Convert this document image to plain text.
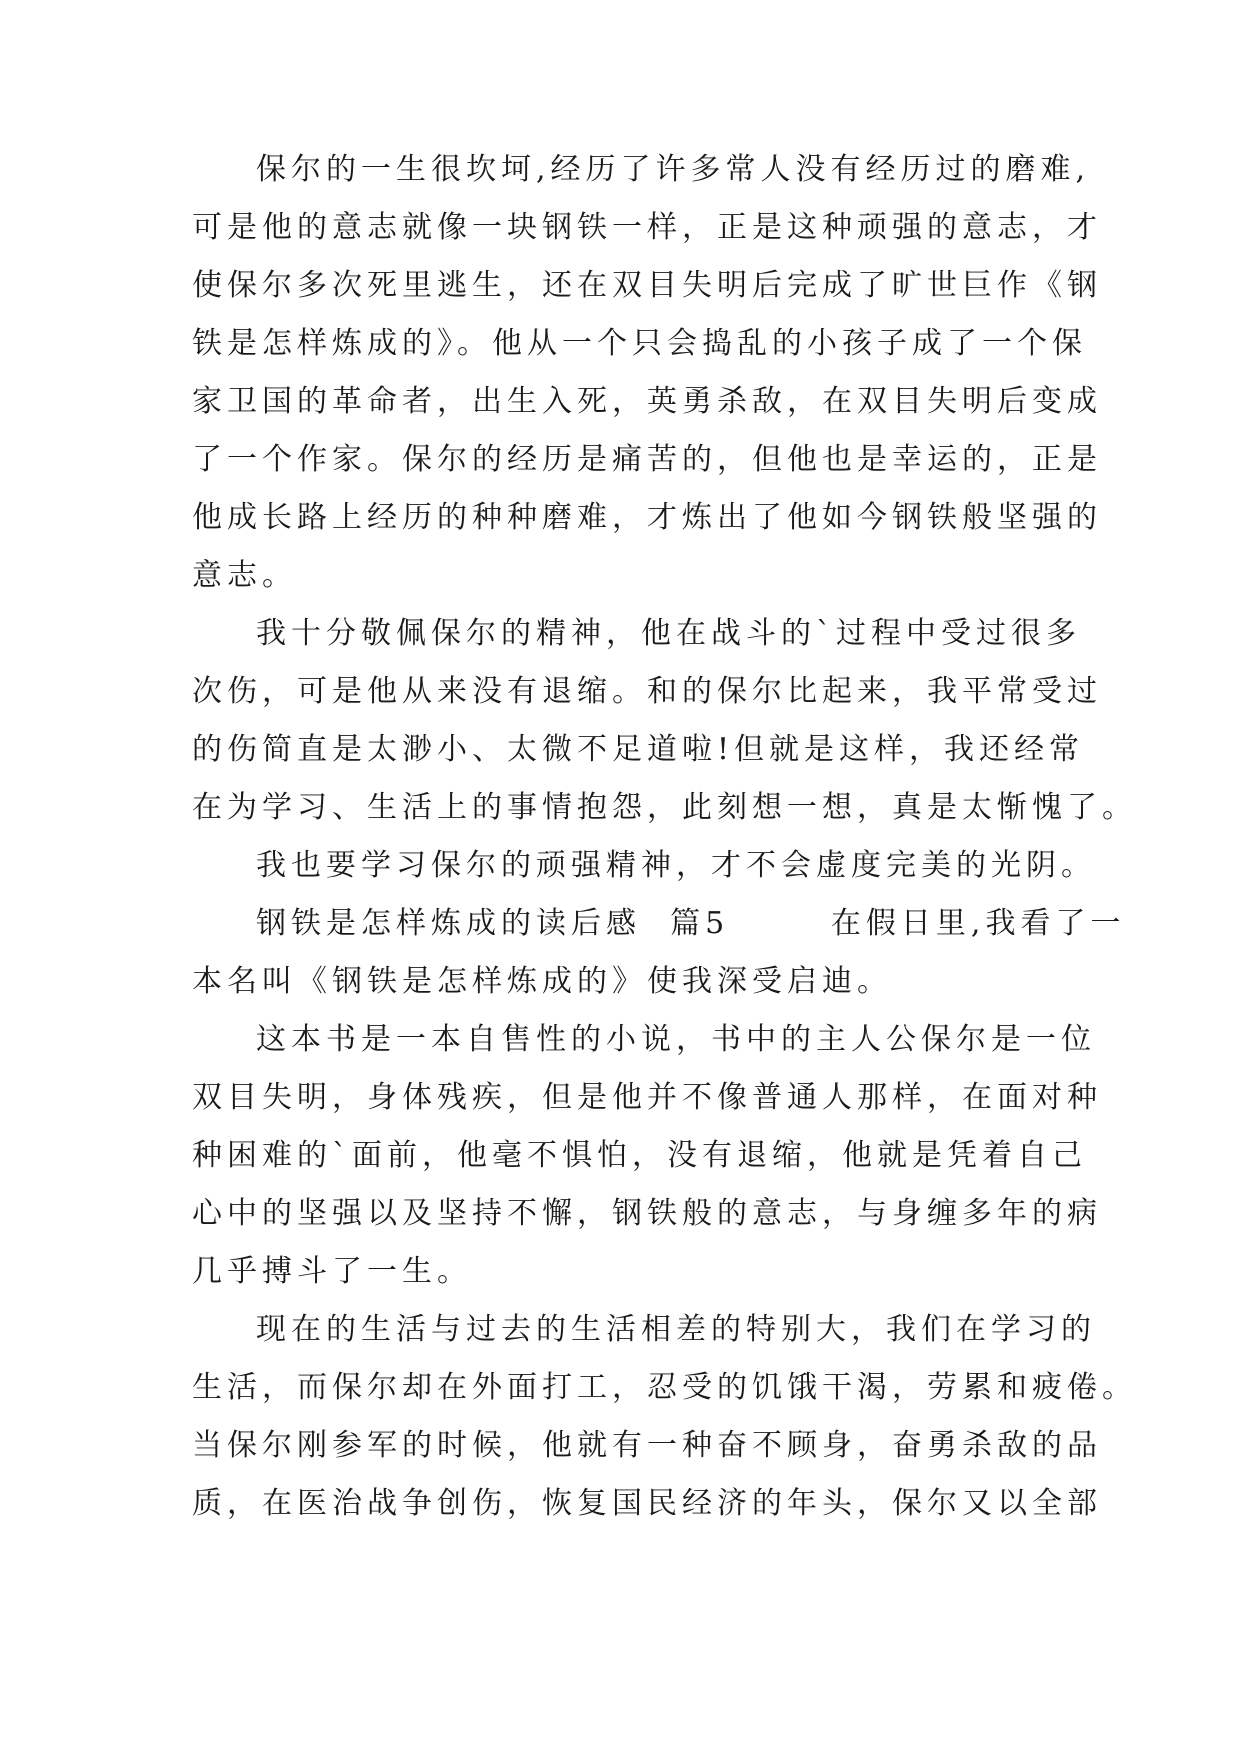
保尔的一生很坎坷,经历了许多常人没有经历过的磨难,

可是他的意志就像一块钢铁一样，正是这种顽强的意志，才

使保尔多次死里逃生，还在双目失明后完成了旷世巨作《钢

铁是怎样炼成的》。他从一个只会捣乱的小孩子成了一个保

家卫国的革命者，出生入死，英勇杀敌，在双目失明后变成

了一个作家。保尔的经历是痛苦的，但他也是幸运的，正是

他成长路上经历的种种磨难，才炼出了他如今钢铁般坚强的

意志。

我十分敬佩保尔的精神，他在战斗的`过程中受过很多

次伤，可是他从来没有退缩。和的保尔比起来，我平常受过

的伤简直是太渺小、太微不足道啦!但就是这样，我还经常

在为学习、生活上的事情抱怨，此刻想一想，真是太惭愧了。

我也要学习保尔的顽强精神，才不会虚度完美的光阴。

钢铁是怎样炼成的读后感  篇5       在假日里,我看了一

本名叫《钢铁是怎样炼成的》使我深受启迪。

这本书是一本自售性的小说，书中的主人公保尔是一位

双目失明，身体残疾，但是他并不像普通人那样，在面对种

种困难的`面前，他毫不惧怕，没有退缩，他就是凭着自己

心中的坚强以及坚持不懈，钢铁般的意志，与身缠多年的病

几乎搏斗了一生。

现在的生活与过去的生活相差的特别大，我们在学习的

生活，而保尔却在外面打工，忍受的饥饿干渴，劳累和疲倦。

当保尔刚参军的时候，他就有一种奋不顾身，奋勇杀敌的品

质，在医治战争创伤，恢复国民经济的年头，保尔又以全部
